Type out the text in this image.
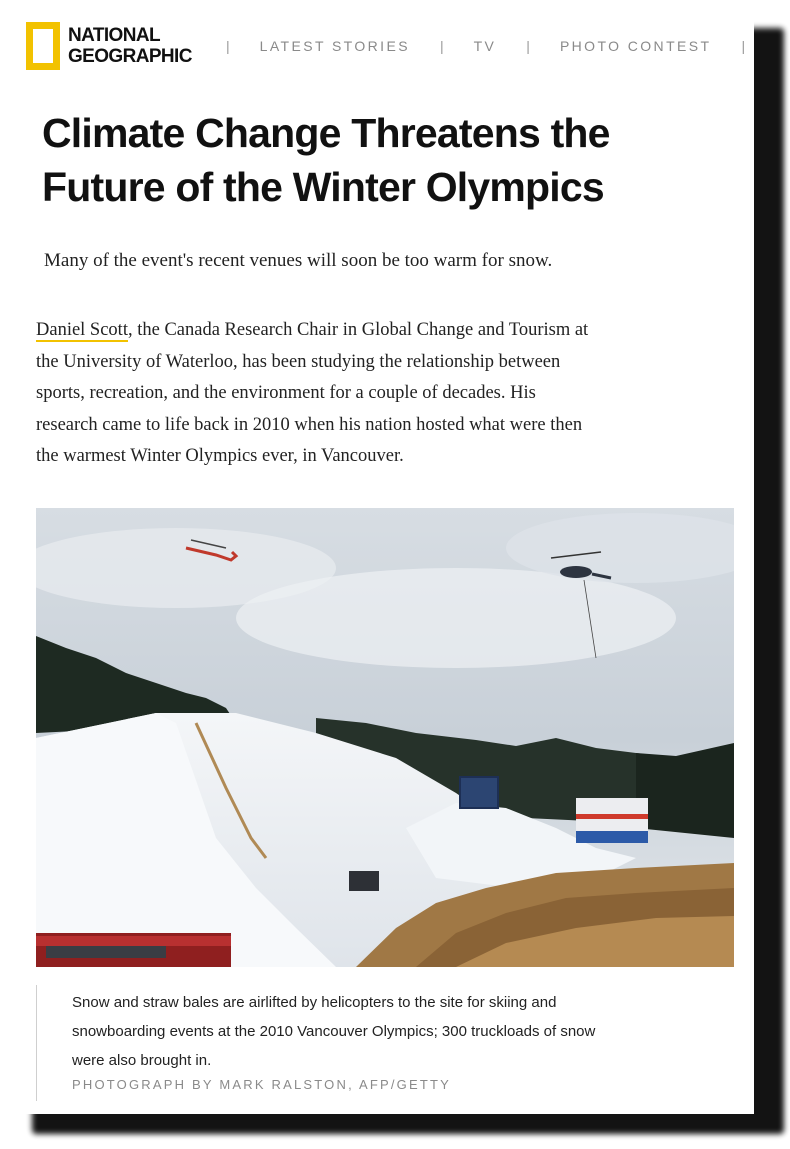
NATIONAL
GEOGRAPHIC | LATEST STORIES | TV | PHOTO CONTEST |
Climate Change Threatens the
Future of the Winter Olympics

Many of the event's recent venues will soon be too warm for snow.

Daniel Scott, the Canada Research Chair in Global Change and Tourism at
the University of Waterloo, has been studying the relationship between
sports, recreation, and the environment for a couple of decades. His
research came to life back in 2010 when his nation hosted what were then
the warmest Winter Olympics ever, in Vancouver.
Snow and straw bales are airlifted by helicopters to the site for skiing and
snowboarding events at the 2010 Vancouver Olympics; 300 truckloads of snow
were also brought in.
PHOTOGRAPH BY MARK RALSTON, AFP/GETTY
